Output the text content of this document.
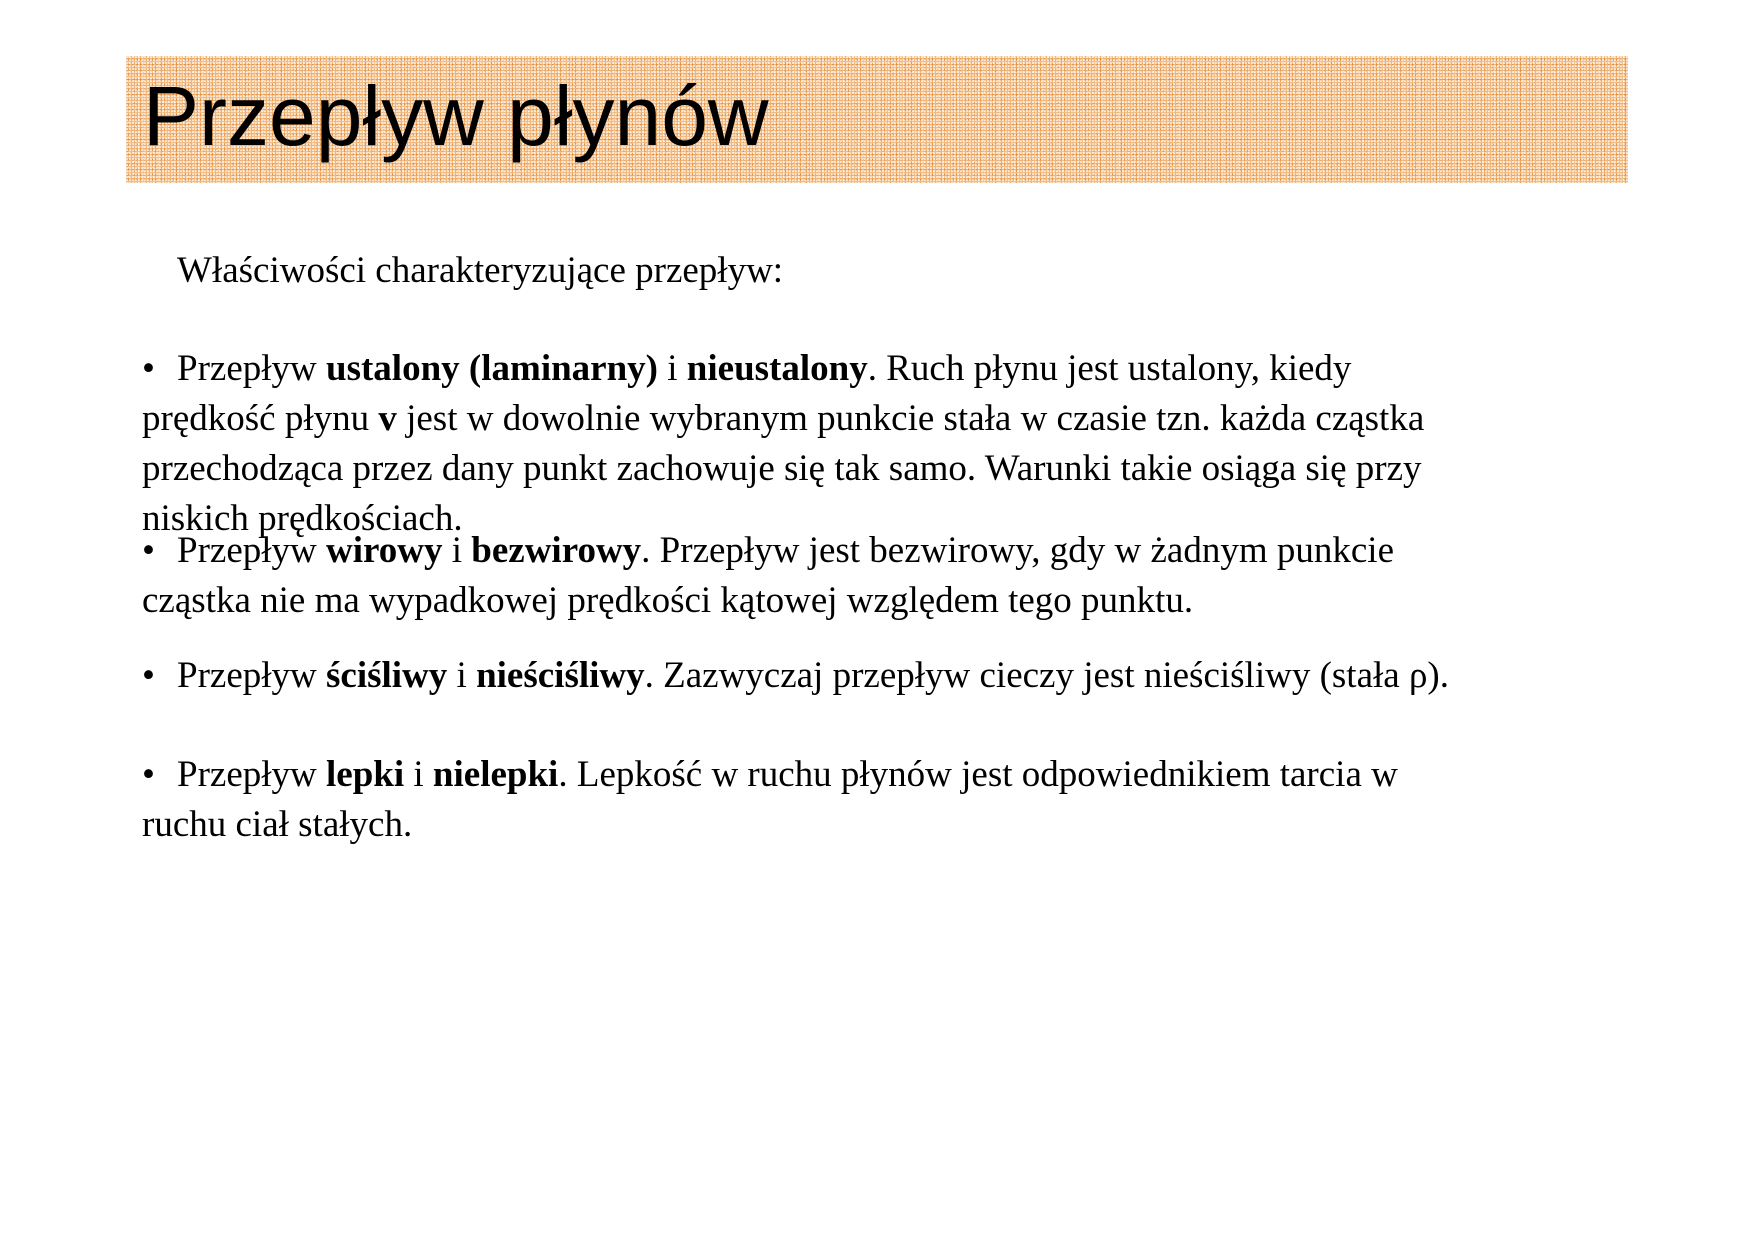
Przepływ płynów
Właściwości charakteryzujące przepływ:
• Przepływ ustalony (laminarny) i nieustalony. Ruch płynu jest ustalony, kiedy
prędkość płynu v jest w dowolnie wybranym punkcie stała w czasie tzn. każda cząstka
przechodząca przez dany punkt zachowuje się tak samo. Warunki takie osiąga się przy
niskich prędkościach.
• Przepływ wirowy i bezwirowy. Przepływ jest bezwirowy, gdy w żadnym punkcie
cząstka nie ma wypadkowej prędkości kątowej względem tego punktu.
• Przepływ ściśliwy i nieściśliwy. Zazwyczaj przepływ cieczy jest nieściśliwy (stała ρ).
• Przepływ lepki i nielepki. Lepkość w ruchu płynów jest odpowiednikiem tarcia w
ruchu ciał stałych.
